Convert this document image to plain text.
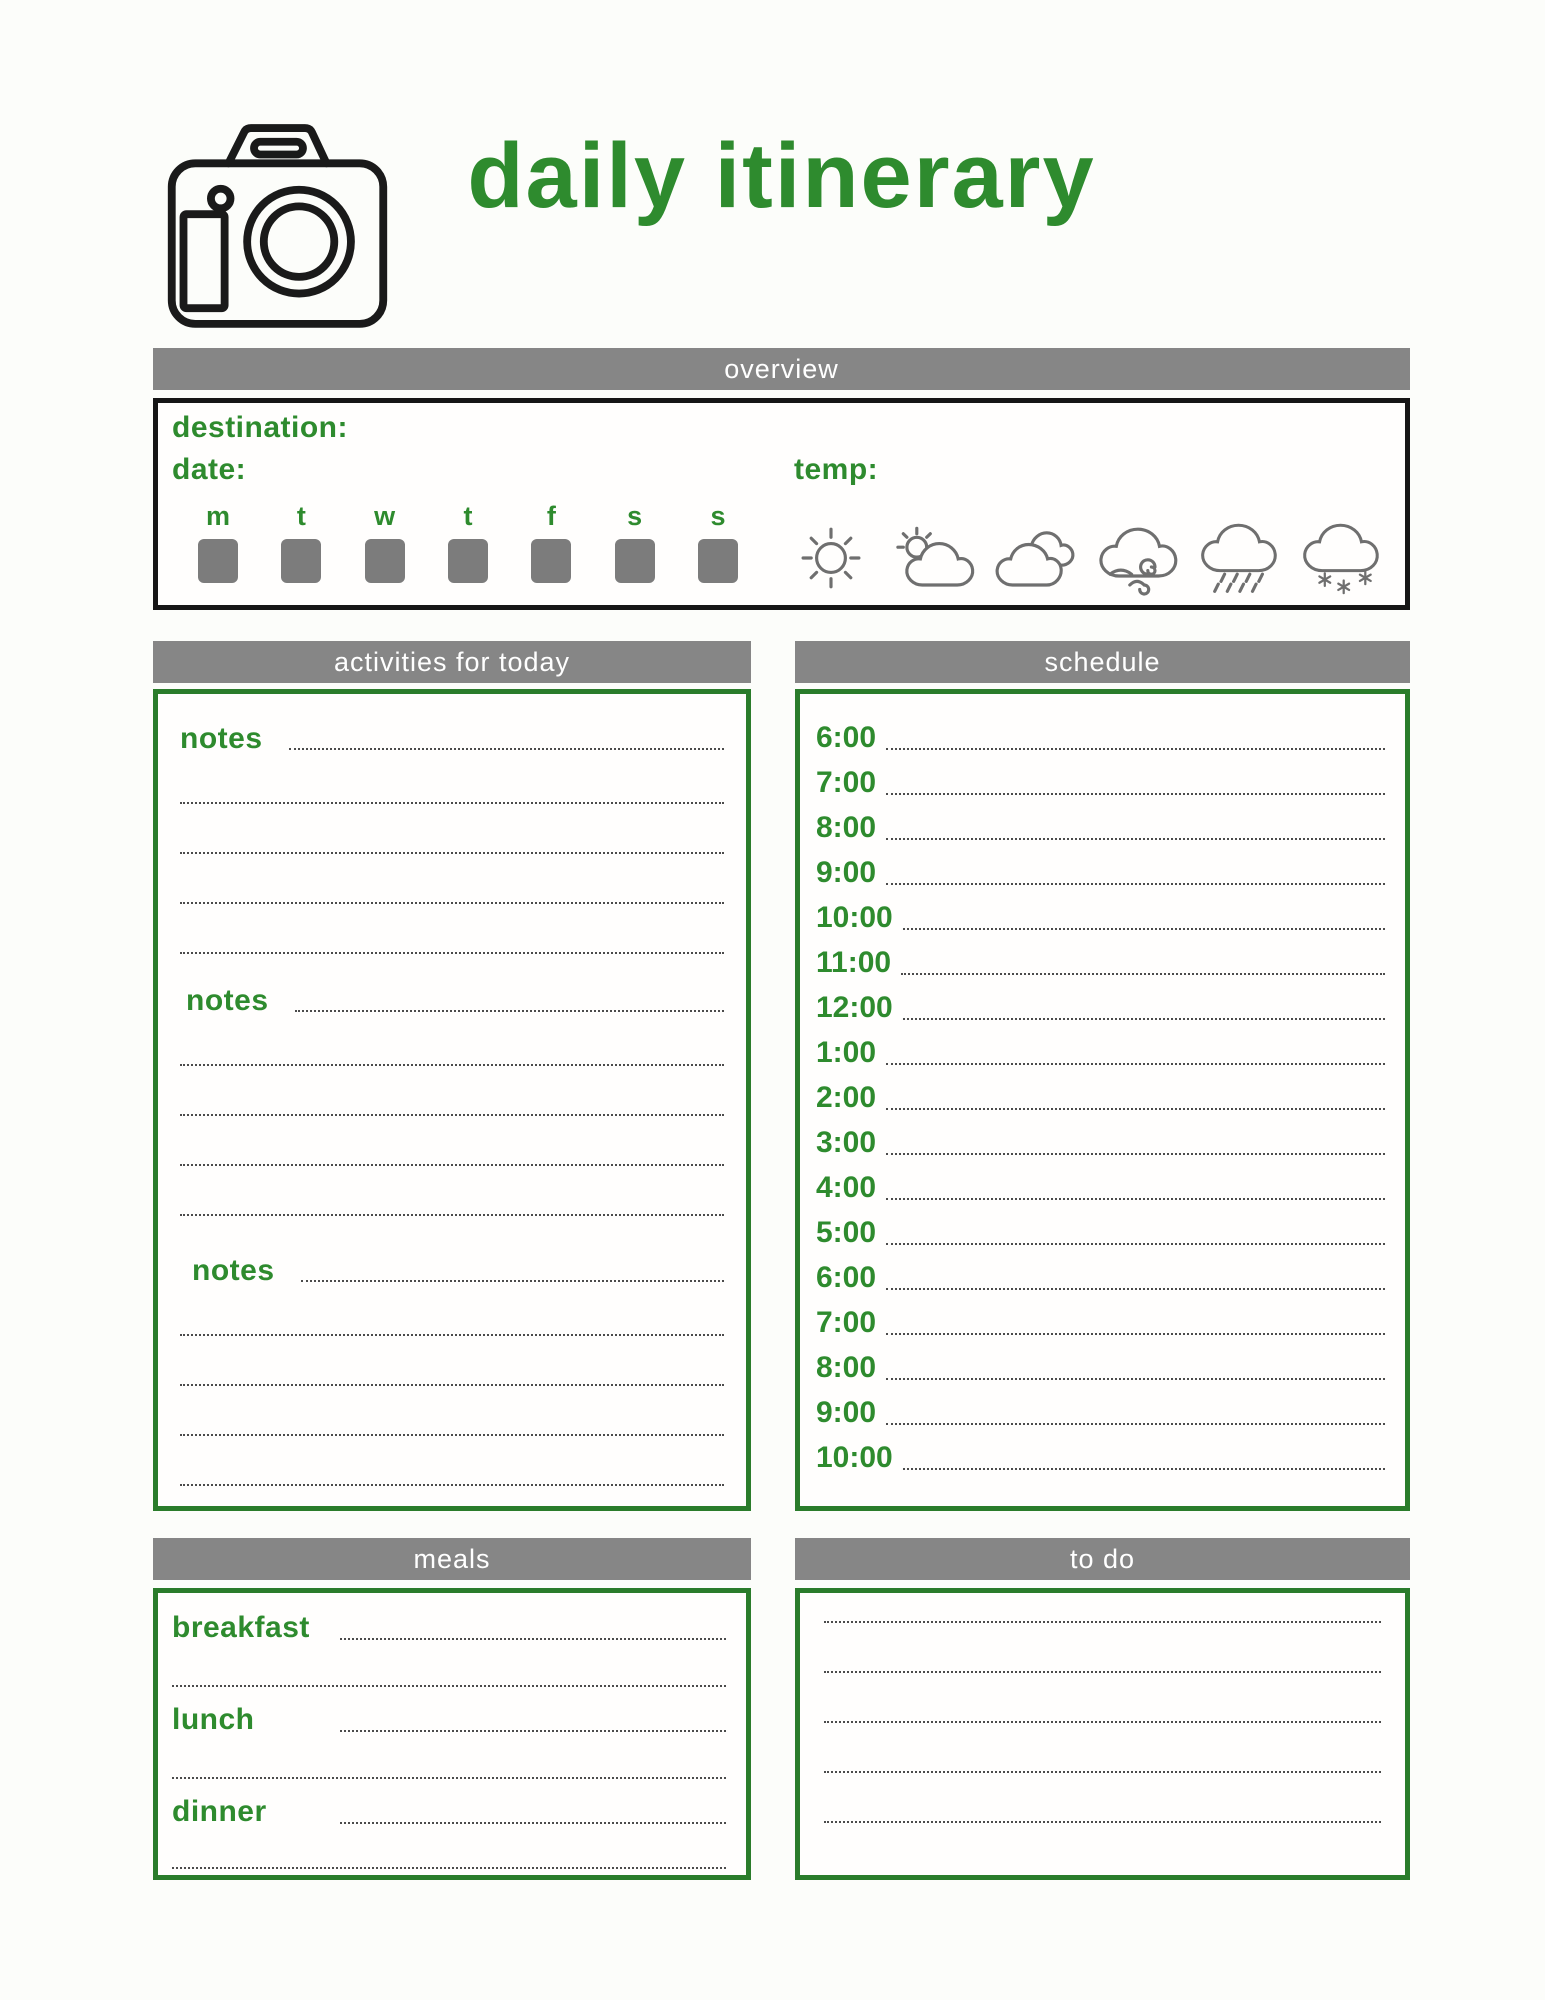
daily itinerary
overview
destination:
date:	temp:
m t	w	t	f	s	s
activities for today
notes
notes
notes
schedule
6:00
7:00
8:00
9:00
10:00
11:00
12:00
1:00
2:00
3:00
4:00
5:00
6:00
7:00
8:00
9:00
10:00
meals
breakfast
lunch
dinner
to do
